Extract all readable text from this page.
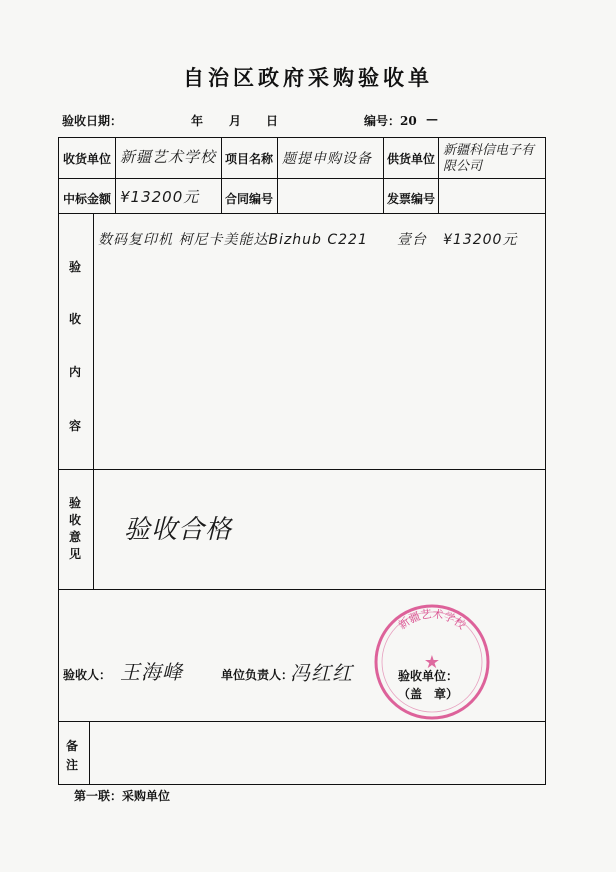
自治区政府采购验收单
验收日期：	年 月 日	编号：20 —
收货单位 新疆艺术学校 项目名称 题提申购设备 供货单位
新疆科信电子有限公司
中标金额 ¥13200元 合同编号	发票编号
验
收
内
容
数码复印机 柯尼卡美能达Bizhub C221 壹台 ¥13200元
验
收
意
见
验收合格
验收人： 王海峰	单位负责人：
冯红红	验收单位：
（盖　章）
新疆艺术学校
★
备
注
第一联：采购单位
